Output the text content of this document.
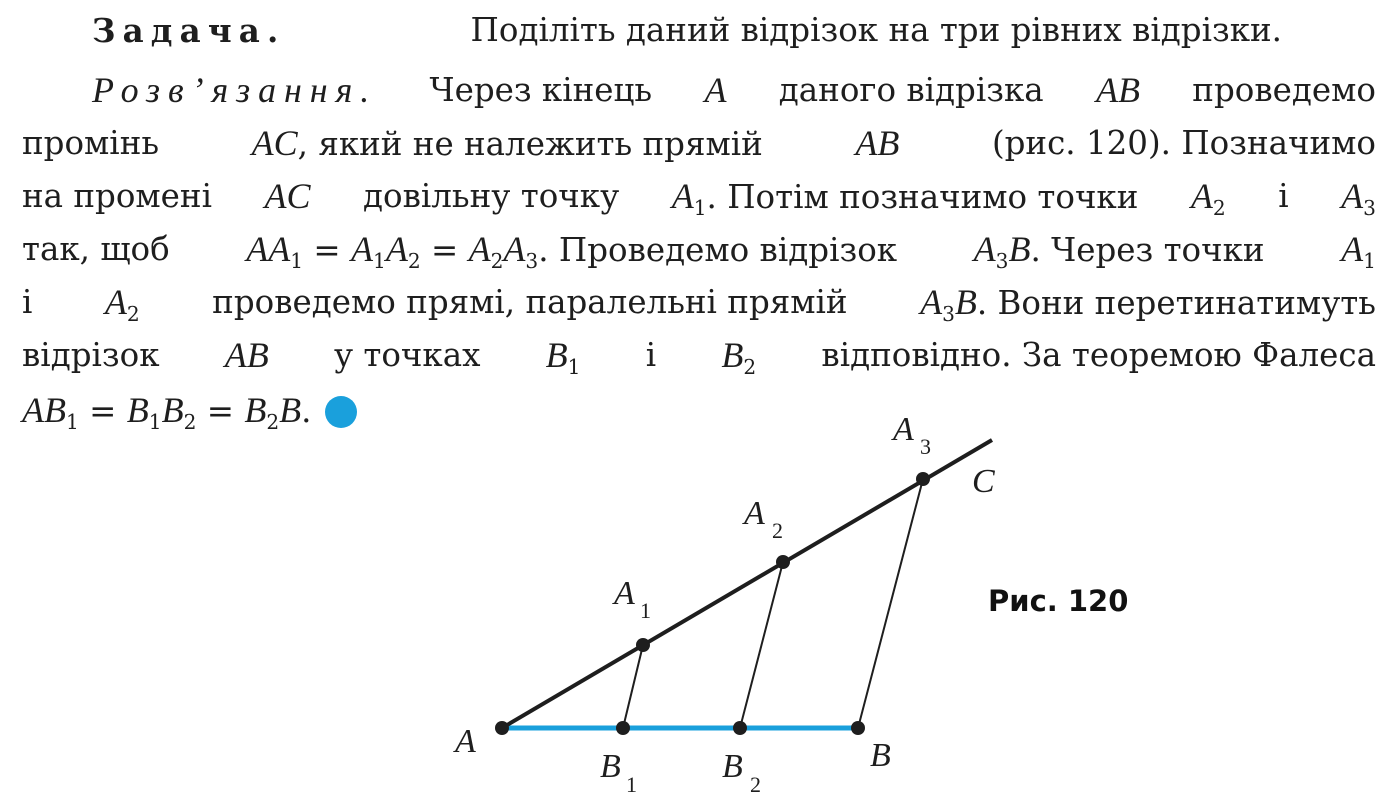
Задача.	Поділіть даний відрізок на три рівних відрізки.
Розв’язання. Через кінець A даного відрізка AB проведемо
промінь	AC, який не належить прямій	AB	(рис. 120). Позначимо
на промені AC довільну точку $A_1$. Потім позначимо точки $A_2$ і $A_3$
так, щоб $AA_1 = A_1A_2 = A_2A_3$. Проведемо відрізок $A_3B$. Через точки $A_1$
і $A_2$ проведемо прямі, паралельні прямій $A_3B$. Вони перетинатимуть
відрізок AB у точках $B_1$ і $B_2$ відповідно. За теоремою Фалеса
$AB_1 = B_1B_2 = B_2B$.
A	B
C
B 1	B 2
A 1
A 2
A 3
Рис. 120
